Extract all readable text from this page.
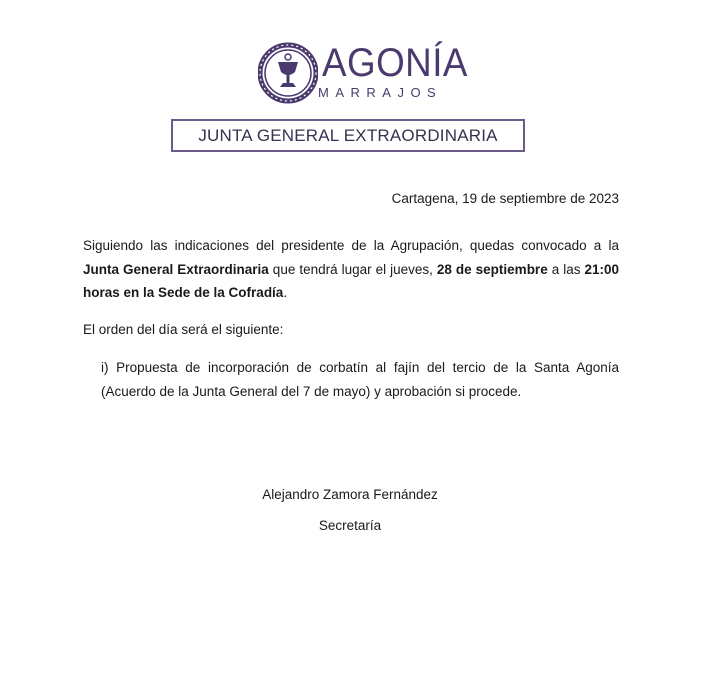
AGONÍA
MARRAJOS
JUNTA GENERAL EXTRAORDINARIA
Cartagena, 19 de septiembre de 2023
Siguiendo las indicaciones del presidente de la Agrupación, quedas convocado a la Junta General Extraordinaria que tendrá lugar el jueves, 28 de septiembre a las 21:00 horas en la Sede de la Cofradía.
El orden del día será el siguiente:
i) Propuesta de incorporación de corbatín al fajín del tercio de la Santa Agonía (Acuerdo de la Junta General del 7 de mayo) y aprobación si procede.
Alejandro Zamora Fernández
Secretaría
